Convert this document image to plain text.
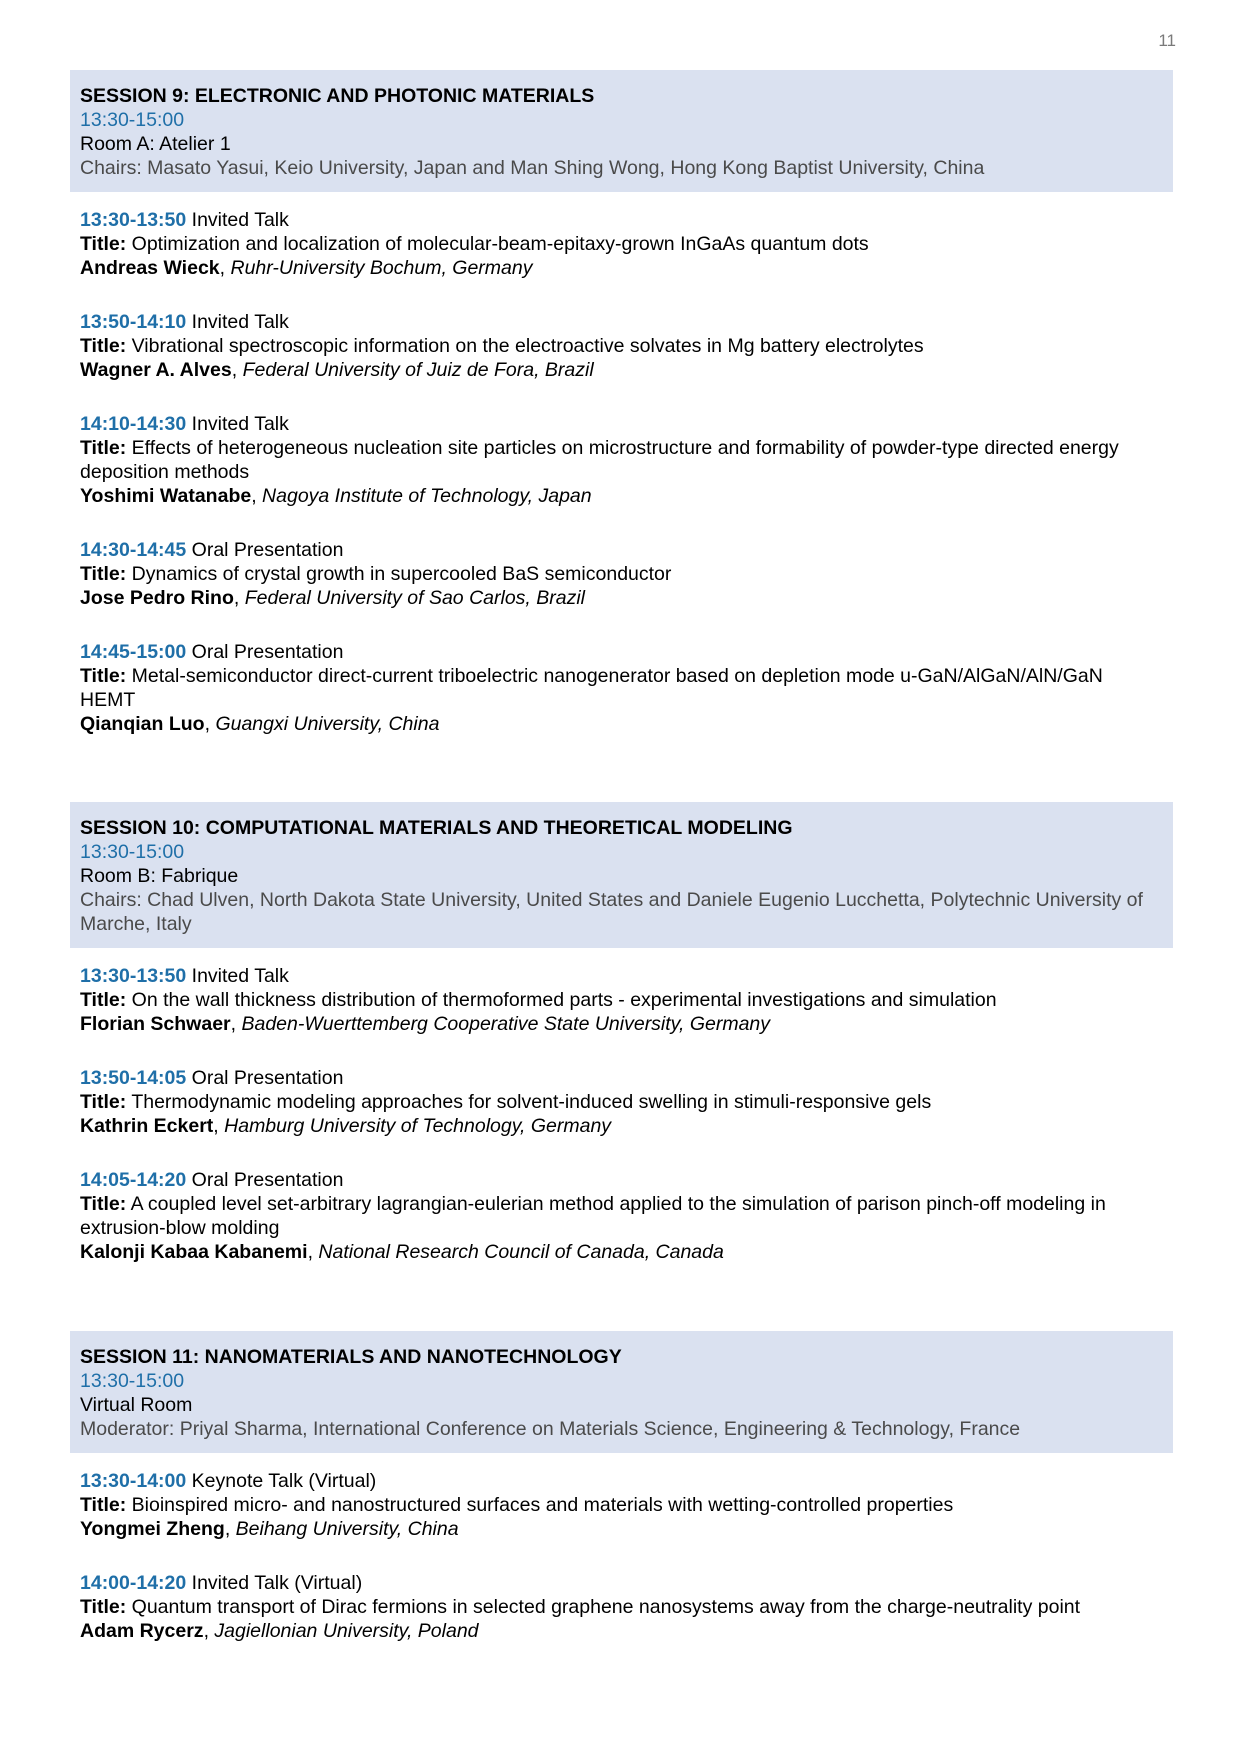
11
SESSION 9: ELECTRONIC AND PHOTONIC MATERIALS
13:30-15:00
Room A: Atelier 1
Chairs: Masato Yasui, Keio University, Japan and Man Shing Wong, Hong Kong Baptist University, China
13:30-13:50 Invited Talk
Title: Optimization and localization of molecular-beam-epitaxy-grown InGaAs quantum dots
Andreas Wieck, Ruhr-University Bochum, Germany
13:50-14:10 Invited Talk
Title: Vibrational spectroscopic information on the electroactive solvates in Mg battery electrolytes
Wagner A. Alves, Federal University of Juiz de Fora, Brazil
14:10-14:30 Invited Talk
Title: Effects of heterogeneous nucleation site particles on microstructure and formability of powder-type directed energy deposition methods
Yoshimi Watanabe, Nagoya Institute of Technology, Japan
14:30-14:45 Oral Presentation
Title: Dynamics of crystal growth in supercooled BaS semiconductor
Jose Pedro Rino, Federal University of Sao Carlos, Brazil
14:45-15:00 Oral Presentation
Title: Metal-semiconductor direct-current triboelectric nanogenerator based on depletion mode u-GaN/AlGaN/AlN/GaN HEMT
Qianqian Luo, Guangxi University, China
SESSION 10: COMPUTATIONAL MATERIALS AND THEORETICAL MODELING
13:30-15:00
Room B: Fabrique
Chairs: Chad Ulven, North Dakota State University, United States and Daniele Eugenio Lucchetta, Polytechnic University of Marche, Italy
13:30-13:50 Invited Talk
Title: On the wall thickness distribution of thermoformed parts - experimental investigations and simulation
Florian Schwaer, Baden-Wuerttemberg Cooperative State University, Germany
13:50-14:05 Oral Presentation
Title: Thermodynamic modeling approaches for solvent-induced swelling in stimuli-responsive gels
Kathrin Eckert, Hamburg University of Technology, Germany
14:05-14:20 Oral Presentation
Title: A coupled level set-arbitrary lagrangian-eulerian method applied to the simulation of parison pinch-off modeling in extrusion-blow molding
Kalonji Kabaa Kabanemi, National Research Council of Canada, Canada
SESSION 11: NANOMATERIALS AND NANOTECHNOLOGY
13:30-15:00
Virtual Room
Moderator: Priyal Sharma, International Conference on Materials Science, Engineering & Technology, France
13:30-14:00 Keynote Talk (Virtual)
Title: Bioinspired micro- and nanostructured surfaces and materials with wetting-controlled properties
Yongmei Zheng, Beihang University, China
14:00-14:20 Invited Talk (Virtual)
Title: Quantum transport of Dirac fermions in selected graphene nanosystems away from the charge-neutrality point
Adam Rycerz, Jagiellonian University, Poland
